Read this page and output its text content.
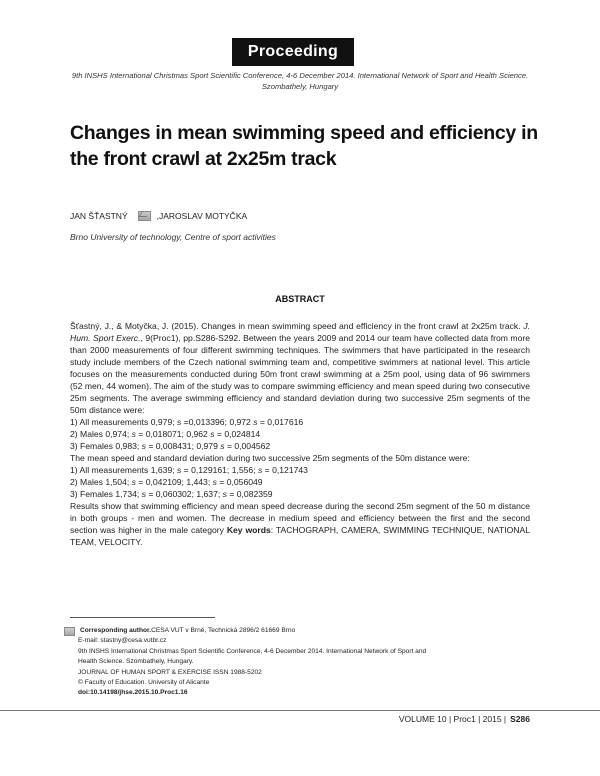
Proceeding
9th INSHS International Christmas Sport Scientific Conference, 4-6 December 2014. International Network of Sport and Health Science. Szombathely, Hungary
Changes in mean swimming speed and efficiency in the front crawl at 2x25m track
JAN ŠŤASTNÝ	,JAROSLAV MOTYČKA
Brno University of technology, Centre of sport activities
ABSTRACT

Šťastný, J., & Motyčka, J. (2015). Changes in mean swimming speed and efficiency in the front crawl at 2x25m track. J. Hum. Sport Exerc., 9(Proc1), pp.S286-S292. Between the years 2009 and 2014 our team have collected data from more than 2000 measurements of four different swimming techniques. The swimmers that have participated in the research study include members of the Czech national swimming team and, competitive swimmers at national level. This article focuses on the measurements conducted during 50m front crawl swimming at a 25m pool, using data of 96 swimmers (52 men, 44 women). The aim of the study was to compare swimming efficiency and mean speed during two consecutive 25m segments. The average swimming efficiency and standard deviation during two successive 25m segments of the 50m distance were:

1) All measurements 0,979; s =0,013396; 0,972 s = 0,017616

2) Males 0,974; s = 0,018071; 0,962 s = 0,024814

3) Females 0,983; s = 0,008431; 0,979 s = 0,004562

The mean speed and standard deviation during two successive 25m segments of the 50m distance were:

1) All measurements 1,639; s = 0,129161; 1,556; s = 0,121743

2) Males 1,504; s = 0,042109; 1,443; s = 0,056049

3) Females 1,734; s = 0,060302; 1,637; s = 0,082359

Results show that swimming efficiency and mean speed decrease during the second 25m segment of the 50 m distance in both groups - men and women. The decrease in medium speed and efficiency between the first and the second section was higher in the male category Key words: TACHOGRAPH, CAMERA, SWIMMING TECHNIQUE, NATIONAL TEAM, VELOCITY.

Corresponding author. CESA VUT v Brně, Technická 2896/2 61669 Brno
E-mail: stastny@cesa.vutbr.cz
9th INSHS International Christmas Sport Scientific Conference, 4-6 December 2014. International Network of Sport and
Health Science. Szombathely, Hungary.
JOURNAL OF HUMAN SPORT & EXERCISE ISSN 1988-5202
© Faculty of Education. University of Alicante
doi:10.14198/jhse.2015.10.Proc1.16
VOLUME 10 | Proc1 | 2015 | S286
